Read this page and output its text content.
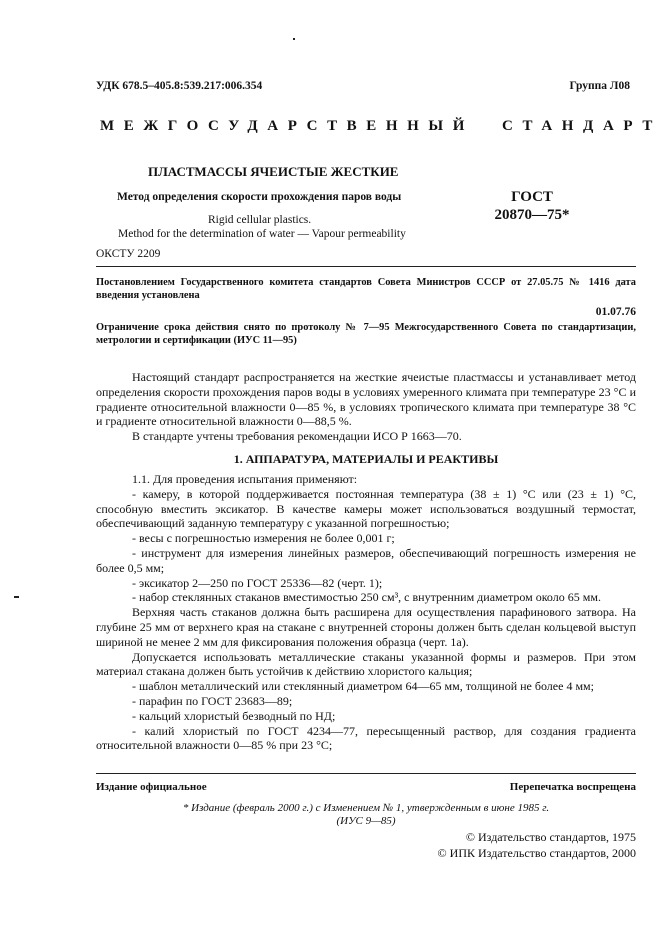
УДК 678.5–405.8:539.217:006.354	Группа Л08
МЕЖГОСУДАРСТВЕННЫЙ СТАНДАРТ
ПЛАСТМАССЫ ЯЧЕИСТЫЕ ЖЕСТКИЕ
Метод определения скорости прохождения паров воды	ГОСТ
20870—75*
Rigid cellular plastics.
Method for the determination of water — Vapour permeability
ОКСТУ 2209
Постановлением Государственного комитета стандартов Совета Министров СССР от 27.05.75 № 1416 дата введения установлена
01.07.76
Ограничение срока действия снято по протоколу № 7—95 Межгосударственного Совета по стандартизации, метрологии и сертификации (ИУС 11—95)

Настоящий стандарт распространяется на жесткие ячеистые пластмассы и устанавливает метод определения скорости прохождения паров воды в условиях умеренного климата при температуре 23 °С и градиенте относительной влажности 0—85 %, в условиях тропического климата при температуре 38 °С и градиенте относительной влажности 0—88,5 %.

В стандарте учтены требования рекомендации ИСО Р 1663—70.

1. АППАРАТУРА, МАТЕРИАЛЫ И РЕАКТИВЫ

1.1. Для проведения испытания применяют:

- камеру, в которой поддерживается постоянная температура (38 ± 1) °С или (23 ± 1) °С, способную вместить эксикатор. В качестве камеры может использоваться воздушный термостат, обеспечивающий заданную температуру с указанной погрешностью;

- весы с погрешностью измерения не более 0,001 г;

- инструмент для измерения линейных размеров, обеспечивающий погрешность измерения не более 0,5 мм;

- эксикатор 2—250 по ГОСТ 25336—82 (черт. 1);

- набор стеклянных стаканов вместимостью 250 см³, с внутренним диаметром около 65 мм.

Верхняя часть стаканов должна быть расширена для осуществления парафинового затвора. На глубине 25 мм от верхнего края на стакане с внутренней стороны должен быть сделан кольцевой выступ шириной не менее 2 мм для фиксирования положения образца (черт. 1а).

Допускается использовать металлические стаканы указанной формы и размеров. При этом материал стакана должен быть устойчив к действию хлористого кальция;

- шаблон металлический или стеклянный диаметром 64—65 мм, толщиной не более 4 мм;

- парафин по ГОСТ 23683—89;

- кальций хлористый безводный по НД;

- калий хлористый по ГОСТ 4234—77, пересыщенный раствор, для создания градиента относительной влажности 0—85 % при 23 °С;

Издание официальное	Перепечатка воспрещена
* Издание (февраль 2000 г.) с Изменением № 1, утвержденным в июне 1985 г.
(ИУС 9—85)
© Издательство стандартов, 1975
© ИПК Издательство стандартов, 2000
